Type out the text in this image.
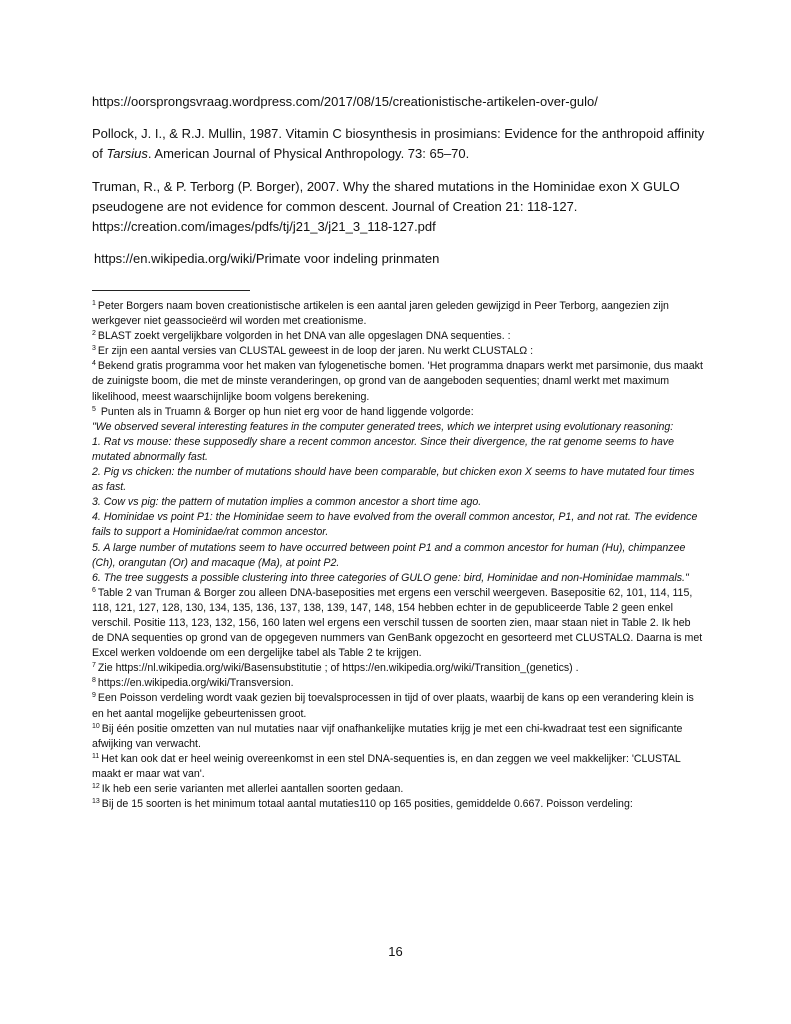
https://oorsprongsvraag.wordpress.com/2017/08/15/creationistische-artikelen-over-gulo/

Pollock, J. I., & R.J. Mullin, 1987. Vitamin C biosynthesis in prosimians: Evidence for the anthropoid affinity of Tarsius. American Journal of Physical Anthropology. 73: 65–70.

Truman, R., & P. Terborg (P. Borger), 2007. Why the shared mutations in the Hominidae exon X GULO pseudogene are not evidence for common descent. Journal of Creation 21: 118-127.

https://creation.com/images/pdfs/tj/j21_3/j21_3_118-127.pdf

https://en.wikipedia.org/wiki/Primate voor indeling prinmaten

$^1$ Peter Borgers naam boven creationistische artikelen is een aantal jaren geleden gewijzigd in Peer Terborg, aangezien zijn werkgever niet geassocieërd wil worden met creationisme.

$^2$ BLAST zoekt vergelijkbare volgorden in het DNA van alle opgeslagen DNA sequenties. :

$^3$ Er zijn een aantal versies van CLUSTAL geweest in de loop der jaren. Nu werkt CLUSTALΩ :

$^4$ Bekend gratis programma voor het maken van fylogenetische bomen. 'Het programma dnapars werkt met parsimonie, dus maakt de zuinigste boom, die met de minste veranderingen, op grond van de aangeboden sequenties; dnaml werkt met maximum likelihood, meest waarschijnlijke boom volgens berekening.

$^5$ Punten als in Truamn & Borger op hun niet erg voor de hand liggende volgorde:

"We observed several interesting features in the computer generated trees, which we interpret using evolutionary reasoning:

1. Rat vs mouse: these supposedly share a recent common ancestor. Since their divergence, the rat genome seems to have mutated abnormally fast.

2. Pig vs chicken: the number of mutations should have been comparable, but chicken exon X seems to have mutated four times as fast.

3. Cow vs pig: the pattern of mutation implies a common ancestor a short time ago.

4. Hominidae vs point P1: the Hominidae seem to have evolved from the overall common ancestor, P1, and not rat. The evidence fails to support a Hominidae/rat common ancestor.

5. A large number of mutations seem to have occurred between point P1 and a common ancestor for human (Hu), chimpanzee (Ch), orangutan (Or) and macaque (Ma), at point P2.

6. The tree suggests a possible clustering into three categories of GULO gene: bird, Hominidae and non-Hominidae mammals."

$^6$ Table 2 van Truman & Borger zou alleen DNA-baseposities met ergens een verschil weergeven. Basepositie 62, 101, 114, 115, 118, 121, 127, 128, 130, 134, 135, 136, 137, 138, 139, 147, 148, 154 hebben echter in de gepubliceerde Table 2 geen enkel verschil. Positie 113, 123, 132, 156, 160 laten wel ergens een verschil tussen de soorten zien, maar staan niet in Table 2. Ik heb de DNA sequenties op grond van de opgegeven nummers van GenBank opgezocht en gesorteerd met CLUSTALΩ. Daarna is met Excel werken voldoende om een dergelijke tabel als Table 2 te krijgen.

$^7$ Zie https://nl.wikipedia.org/wiki/Basensubstitutie ; of https://en.wikipedia.org/wiki/Transition_(genetics) .

$^8$ https://en.wikipedia.org/wiki/Transversion.

$^9$ Een Poisson verdeling wordt vaak gezien bij toevalsprocessen in tijd of over plaats, waarbij de kans op een verandering klein is en het aantal mogelijke gebeurtenissen groot.

$^{10}$ Bij één positie omzetten van nul mutaties naar vijf onafhankelijke mutaties krijg je met een chi-kwadraat test een significante afwijking van verwacht.

$^{11}$ Het kan ook dat er heel weinig overeenkomst in een stel DNA-sequenties is, en dan zeggen we veel makkelijker: 'CLUSTAL maakt er maar wat van'.

$^{12}$ Ik heb een serie varianten met allerlei aantallen soorten gedaan.

$^{13}$ Bij de 15 soorten is het minimum totaal aantal mutaties110 op 165 posities, gemiddelde 0.667. Poisson verdeling:

16
